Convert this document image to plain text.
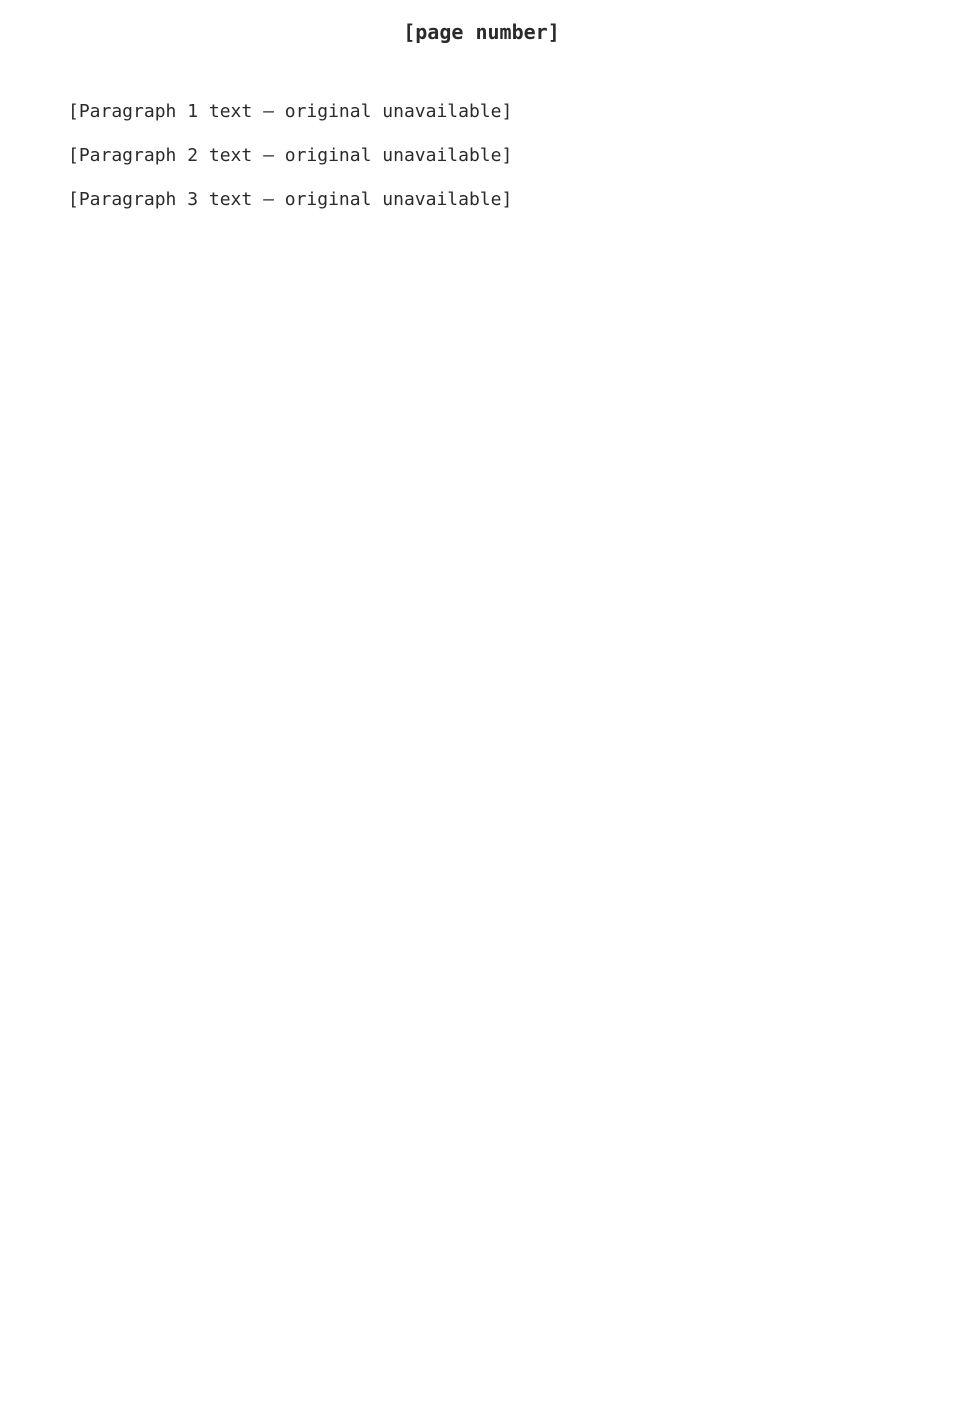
[page number]

[Paragraph 1 text — original unavailable]

[Paragraph 2 text — original unavailable]

[Paragraph 3 text — original unavailable]
